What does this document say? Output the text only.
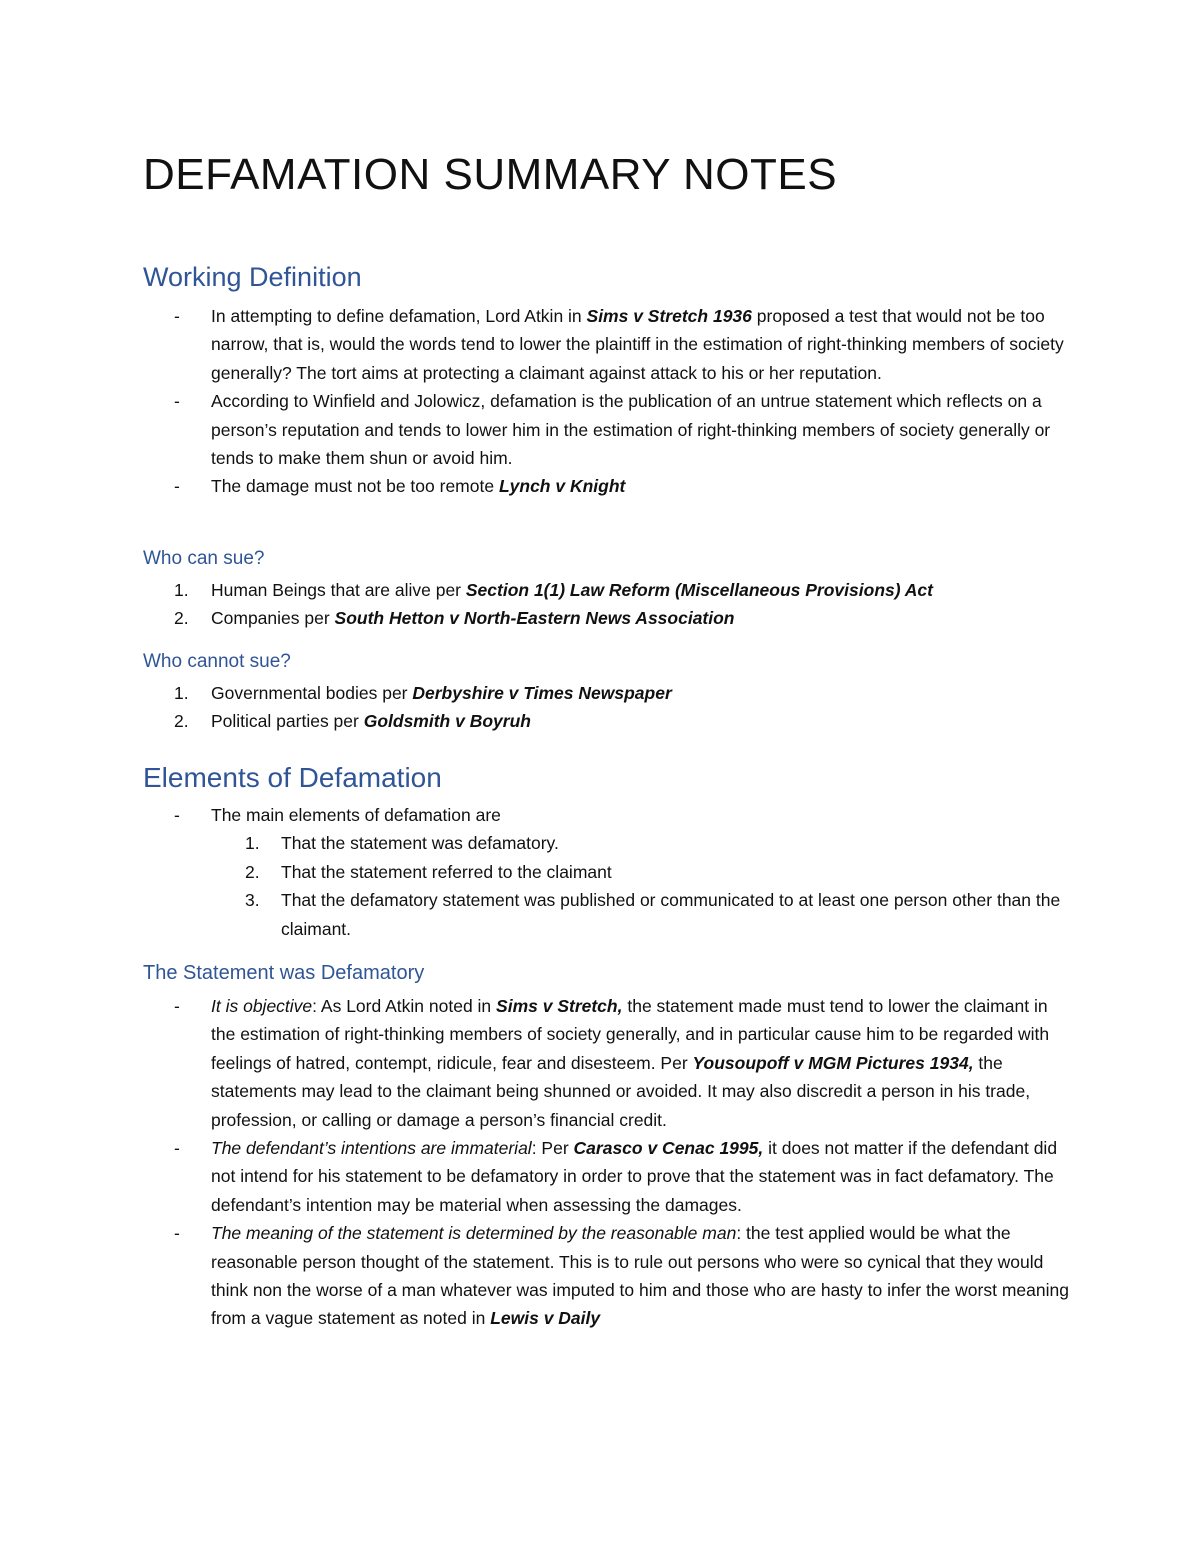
DEFAMATION SUMMARY NOTES
Working Definition
-	In attempting to define defamation, Lord Atkin in Sims v Stretch 1936 proposed a test that would not be too narrow, that is, would the words tend to lower the plaintiff in the estimation of right-thinking members of society generally? The tort aims at protecting a claimant against attack to his or her reputation.
-	According to Winfield and Jolowicz, defamation is the publication of an untrue statement which reflects on a person’s reputation and tends to lower him in the estimation of right-thinking members of society generally or tends to make them shun or avoid him.
-	The damage must not be too remote Lynch v Knight
Who can sue?
1.	Human Beings that are alive per Section 1(1) Law Reform (Miscellaneous Provisions) Act
2.	Companies per South Hetton v North-Eastern News Association
Who cannot sue?
1.	Governmental bodies per Derbyshire v Times Newspaper
2.	Political parties per Goldsmith v Boyruh
Elements of Defamation
-	The main elements of defamation are
1. That the statement was defamatory.
2. That the statement referred to the claimant
3. That the defamatory statement was published or communicated to at least one person other than the claimant.
The Statement was Defamatory
-	It is objective: As Lord Atkin noted in Sims v Stretch, the statement made must tend to lower the claimant in the estimation of right-thinking members of society generally, and in particular cause him to be regarded with feelings of hatred, contempt, ridicule, fear and disesteem. Per Yousoupoff v MGM Pictures 1934, the statements may lead to the claimant being shunned or avoided. It may also discredit a person in his trade, profession, or calling or damage a person’s financial credit.
-	The defendant’s intentions are immaterial: Per Carasco v Cenac 1995, it does not matter if the defendant did not intend for his statement to be defamatory in order to prove that the statement was in fact defamatory. The defendant’s intention may be material when assessing the damages.
-	The meaning of the statement is determined by the reasonable man: the test applied would be what the reasonable person thought of the statement. This is to rule out persons who were so cynical that they would think non the worse of a man whatever was imputed to him and those who are hasty to infer the worst meaning from a vague statement as noted in Lewis v Daily
